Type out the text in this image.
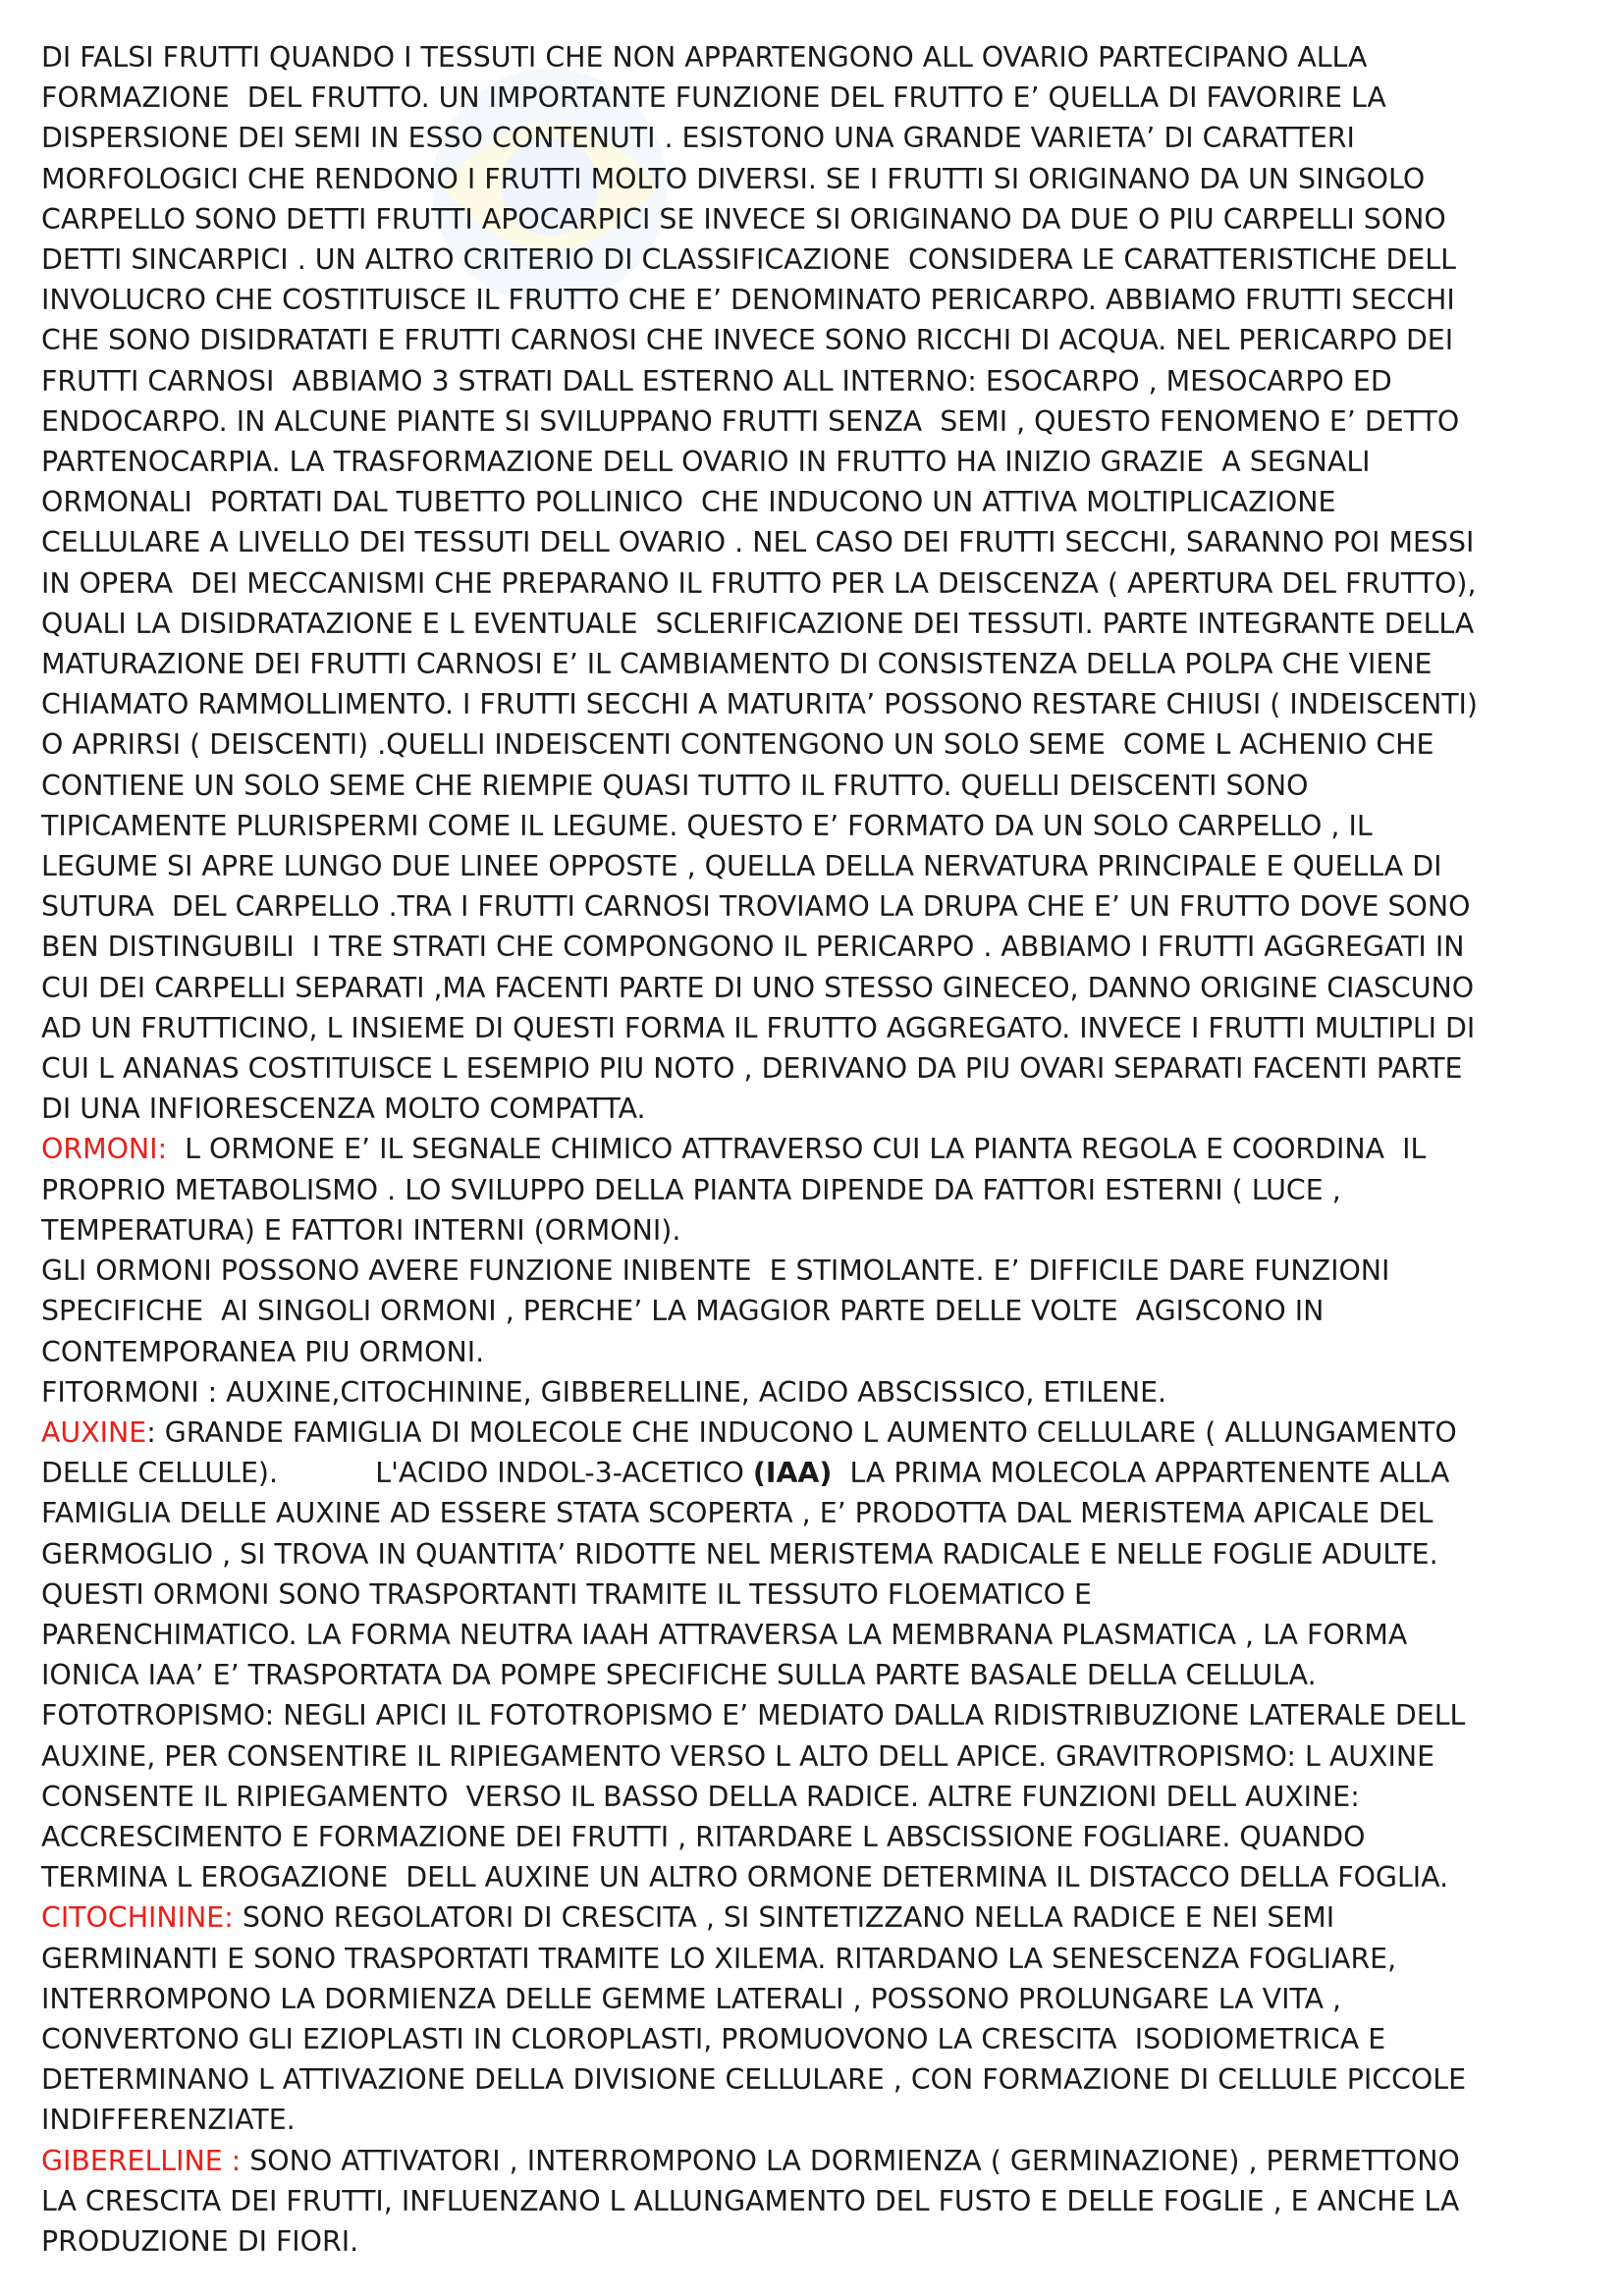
DI FALSI FRUTTI QUANDO I TESSUTI CHE NON APPARTENGONO ALL OVARIO PARTECIPANO ALLA
FORMAZIONE  DEL FRUTTO. UN IMPORTANTE FUNZIONE DEL FRUTTO E’ QUELLA DI FAVORIRE LA
DISPERSIONE DEI SEMI IN ESSO CONTENUTI . ESISTONO UNA GRANDE VARIETA’ DI CARATTERI
MORFOLOGICI CHE RENDONO I FRUTTI MOLTO DIVERSI. SE I FRUTTI SI ORIGINANO DA UN SINGOLO
CARPELLO SONO DETTI FRUTTI APOCARPICI SE INVECE SI ORIGINANO DA DUE O PIU CARPELLI SONO
DETTI SINCARPICI . UN ALTRO CRITERIO DI CLASSIFICAZIONE  CONSIDERA LE CARATTERISTICHE DELL
INVOLUCRO CHE COSTITUISCE IL FRUTTO CHE E’ DENOMINATO PERICARPO. ABBIAMO FRUTTI SECCHI
CHE SONO DISIDRATATI E FRUTTI CARNOSI CHE INVECE SONO RICCHI DI ACQUA. NEL PERICARPO DEI
FRUTTI CARNOSI  ABBIAMO 3 STRATI DALL ESTERNO ALL INTERNO: ESOCARPO , MESOCARPO ED
ENDOCARPO. IN ALCUNE PIANTE SI SVILUPPANO FRUTTI SENZA  SEMI , QUESTO FENOMENO E’ DETTO
PARTENOCARPIA. LA TRASFORMAZIONE DELL OVARIO IN FRUTTO HA INIZIO GRAZIE  A SEGNALI
ORMONALI  PORTATI DAL TUBETTO POLLINICO  CHE INDUCONO UN ATTIVA MOLTIPLICAZIONE
CELLULARE A LIVELLO DEI TESSUTI DELL OVARIO . NEL CASO DEI FRUTTI SECCHI, SARANNO POI MESSI
IN OPERA  DEI MECCANISMI CHE PREPARANO IL FRUTTO PER LA DEISCENZA ( APERTURA DEL FRUTTO),
QUALI LA DISIDRATAZIONE E L EVENTUALE  SCLERIFICAZIONE DEI TESSUTI. PARTE INTEGRANTE DELLA
MATURAZIONE DEI FRUTTI CARNOSI E’ IL CAMBIAMENTO DI CONSISTENZA DELLA POLPA CHE VIENE
CHIAMATO RAMMOLLIMENTO. I FRUTTI SECCHI A MATURITA’ POSSONO RESTARE CHIUSI ( INDEISCENTI)
O APRIRSI ( DEISCENTI) .QUELLI INDEISCENTI CONTENGONO UN SOLO SEME  COME L ACHENIO CHE
CONTIENE UN SOLO SEME CHE RIEMPIE QUASI TUTTO IL FRUTTO. QUELLI DEISCENTI SONO
TIPICAMENTE PLURISPERMI COME IL LEGUME. QUESTO E’ FORMATO DA UN SOLO CARPELLO , IL
LEGUME SI APRE LUNGO DUE LINEE OPPOSTE , QUELLA DELLA NERVATURA PRINCIPALE E QUELLA DI
SUTURA  DEL CARPELLO .TRA I FRUTTI CARNOSI TROVIAMO LA DRUPA CHE E’ UN FRUTTO DOVE SONO
BEN DISTINGUBILI  I TRE STRATI CHE COMPONGONO IL PERICARPO . ABBIAMO I FRUTTI AGGREGATI IN
CUI DEI CARPELLI SEPARATI ,MA FACENTI PARTE DI UNO STESSO GINECEO, DANNO ORIGINE CIASCUNO
AD UN FRUTTICINO, L INSIEME DI QUESTI FORMA IL FRUTTO AGGREGATO. INVECE I FRUTTI MULTIPLI DI
CUI L ANANAS COSTITUISCE L ESEMPIO PIU NOTO , DERIVANO DA PIU OVARI SEPARATI FACENTI PARTE
DI UNA INFIORESCENZA MOLTO COMPATTA.
ORMONI:  L ORMONE E’ IL SEGNALE CHIMICO ATTRAVERSO CUI LA PIANTA REGOLA E COORDINA  IL
PROPRIO METABOLISMO . LO SVILUPPO DELLA PIANTA DIPENDE DA FATTORI ESTERNI ( LUCE ,
TEMPERATURA) E FATTORI INTERNI (ORMONI).
GLI ORMONI POSSONO AVERE FUNZIONE INIBENTE  E STIMOLANTE. E’ DIFFICILE DARE FUNZIONI
SPECIFICHE  AI SINGOLI ORMONI , PERCHE’ LA MAGGIOR PARTE DELLE VOLTE  AGISCONO IN
CONTEMPORANEA PIU ORMONI.
FITORMONI : AUXINE,CITOCHININE, GIBBERELLINE, ACIDO ABSCISSICO, ETILENE.
AUXINE: GRANDE FAMIGLIA DI MOLECOLE CHE INDUCONO L AUMENTO CELLULARE ( ALLUNGAMENTO
DELLE CELLULE).           L'ACIDO INDOL-3-ACETICO (IAA)  LA PRIMA MOLECOLA APPARTENENTE ALLA
FAMIGLIA DELLE AUXINE AD ESSERE STATA SCOPERTA , E’ PRODOTTA DAL MERISTEMA APICALE DEL
GERMOGLIO , SI TROVA IN QUANTITA’ RIDOTTE NEL MERISTEMA RADICALE E NELLE FOGLIE ADULTE.
QUESTI ORMONI SONO TRASPORTANTI TRAMITE IL TESSUTO FLOEMATICO E
PARENCHIMATICO. LA FORMA NEUTRA IAAH ATTRAVERSA LA MEMBRANA PLASMATICA , LA FORMA
IONICA IAA’ E’ TRASPORTATA DA POMPE SPECIFICHE SULLA PARTE BASALE DELLA CELLULA.
FOTOTROPISMO: NEGLI APICI IL FOTOTROPISMO E’ MEDIATO DALLA RIDISTRIBUZIONE LATERALE DELL
AUXINE, PER CONSENTIRE IL RIPIEGAMENTO VERSO L ALTO DELL APICE. GRAVITROPISMO: L AUXINE
CONSENTE IL RIPIEGAMENTO  VERSO IL BASSO DELLA RADICE. ALTRE FUNZIONI DELL AUXINE:
ACCRESCIMENTO E FORMAZIONE DEI FRUTTI , RITARDARE L ABSCISSIONE FOGLIARE. QUANDO
TERMINA L EROGAZIONE  DELL AUXINE UN ALTRO ORMONE DETERMINA IL DISTACCO DELLA FOGLIA.
CITOCHININE: SONO REGOLATORI DI CRESCITA , SI SINTETIZZANO NELLA RADICE E NEI SEMI
GERMINANTI E SONO TRASPORTATI TRAMITE LO XILEMA. RITARDANO LA SENESCENZA FOGLIARE,
INTERROMPONO LA DORMIENZA DELLE GEMME LATERALI , POSSONO PROLUNGARE LA VITA ,
CONVERTONO GLI EZIOPLASTI IN CLOROPLASTI, PROMUOVONO LA CRESCITA  ISODIOMETRICA E
DETERMINANO L ATTIVAZIONE DELLA DIVISIONE CELLULARE , CON FORMAZIONE DI CELLULE PICCOLE
INDIFFERENZIATE.
GIBERELLINE : SONO ATTIVATORI , INTERROMPONO LA DORMIENZA ( GERMINAZIONE) , PERMETTONO
LA CRESCITA DEI FRUTTI, INFLUENZANO L ALLUNGAMENTO DEL FUSTO E DELLE FOGLIE , E ANCHE LA
PRODUZIONE DI FIORI.
